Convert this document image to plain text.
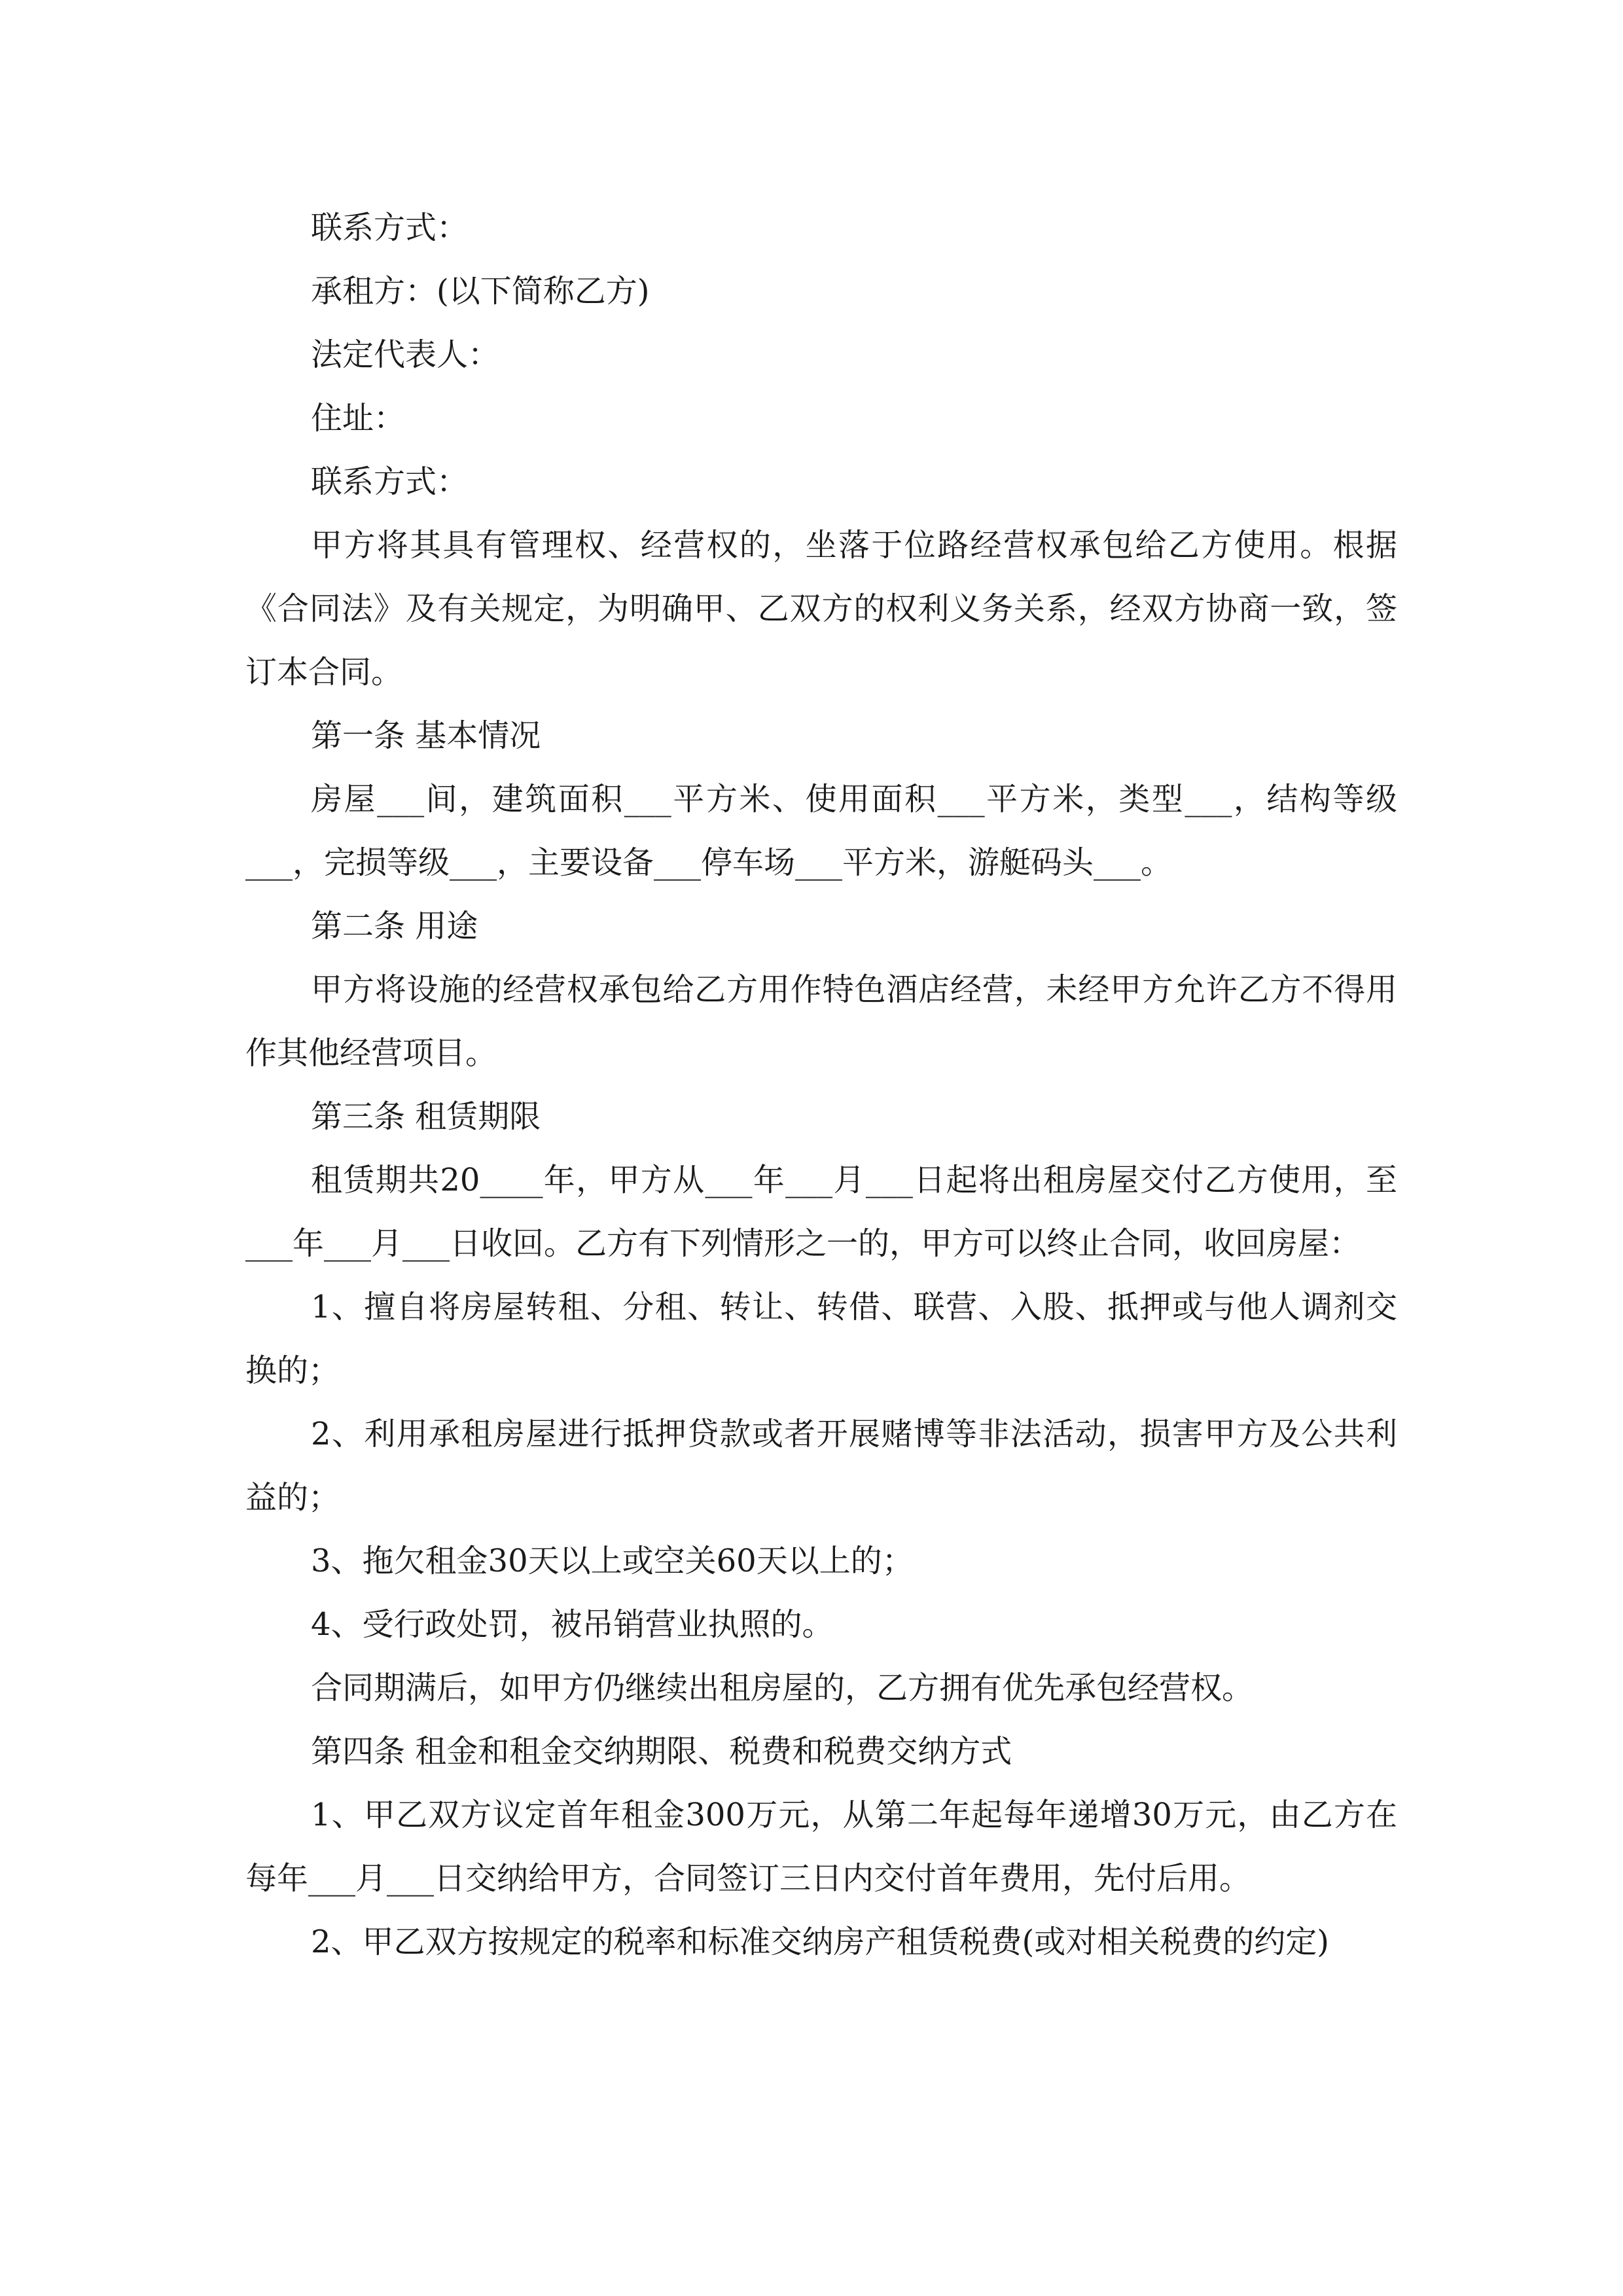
联系方式：

承租方：(以下简称乙方)

法定代表人：

住址：

联系方式：

甲方将其具有管理权、经营权的，坐落于位路经营权承包给乙方使用。根据《合同法》及有关规定，为明确甲、乙双方的权利义务关系，经双方协商一致，签订本合同。

第一条 基本情况

房屋___间，建筑面积___平方米、使用面积___平方米，类型___，结构等级___，完损等级___，主要设备___停车场___平方米，游艇码头___。

第二条 用途

甲方将设施的经营权承包给乙方用作特色酒店经营，未经甲方允许乙方不得用作其他经营项目。

第三条 租赁期限

租赁期共20____年，甲方从___年___月___日起将出租房屋交付乙方使用，至___年___月___日收回。乙方有下列情形之一的，甲方可以终止合同，收回房屋：

1、擅自将房屋转租、分租、转让、转借、联营、入股、抵押或与他人调剂交换的；

2、利用承租房屋进行抵押贷款或者开展赌博等非法活动，损害甲方及公共利益的；

3、拖欠租金30天以上或空关60天以上的；

4、受行政处罚，被吊销营业执照的。

合同期满后，如甲方仍继续出租房屋的，乙方拥有优先承包经营权。

第四条 租金和租金交纳期限、税费和税费交纳方式

1、甲乙双方议定首年租金300万元，从第二年起每年递增30万元，由乙方在每年___月___日交纳给甲方，合同签订三日内交付首年费用，先付后用。

2、甲乙双方按规定的税率和标准交纳房产租赁税费(或对相关税费的约定)
